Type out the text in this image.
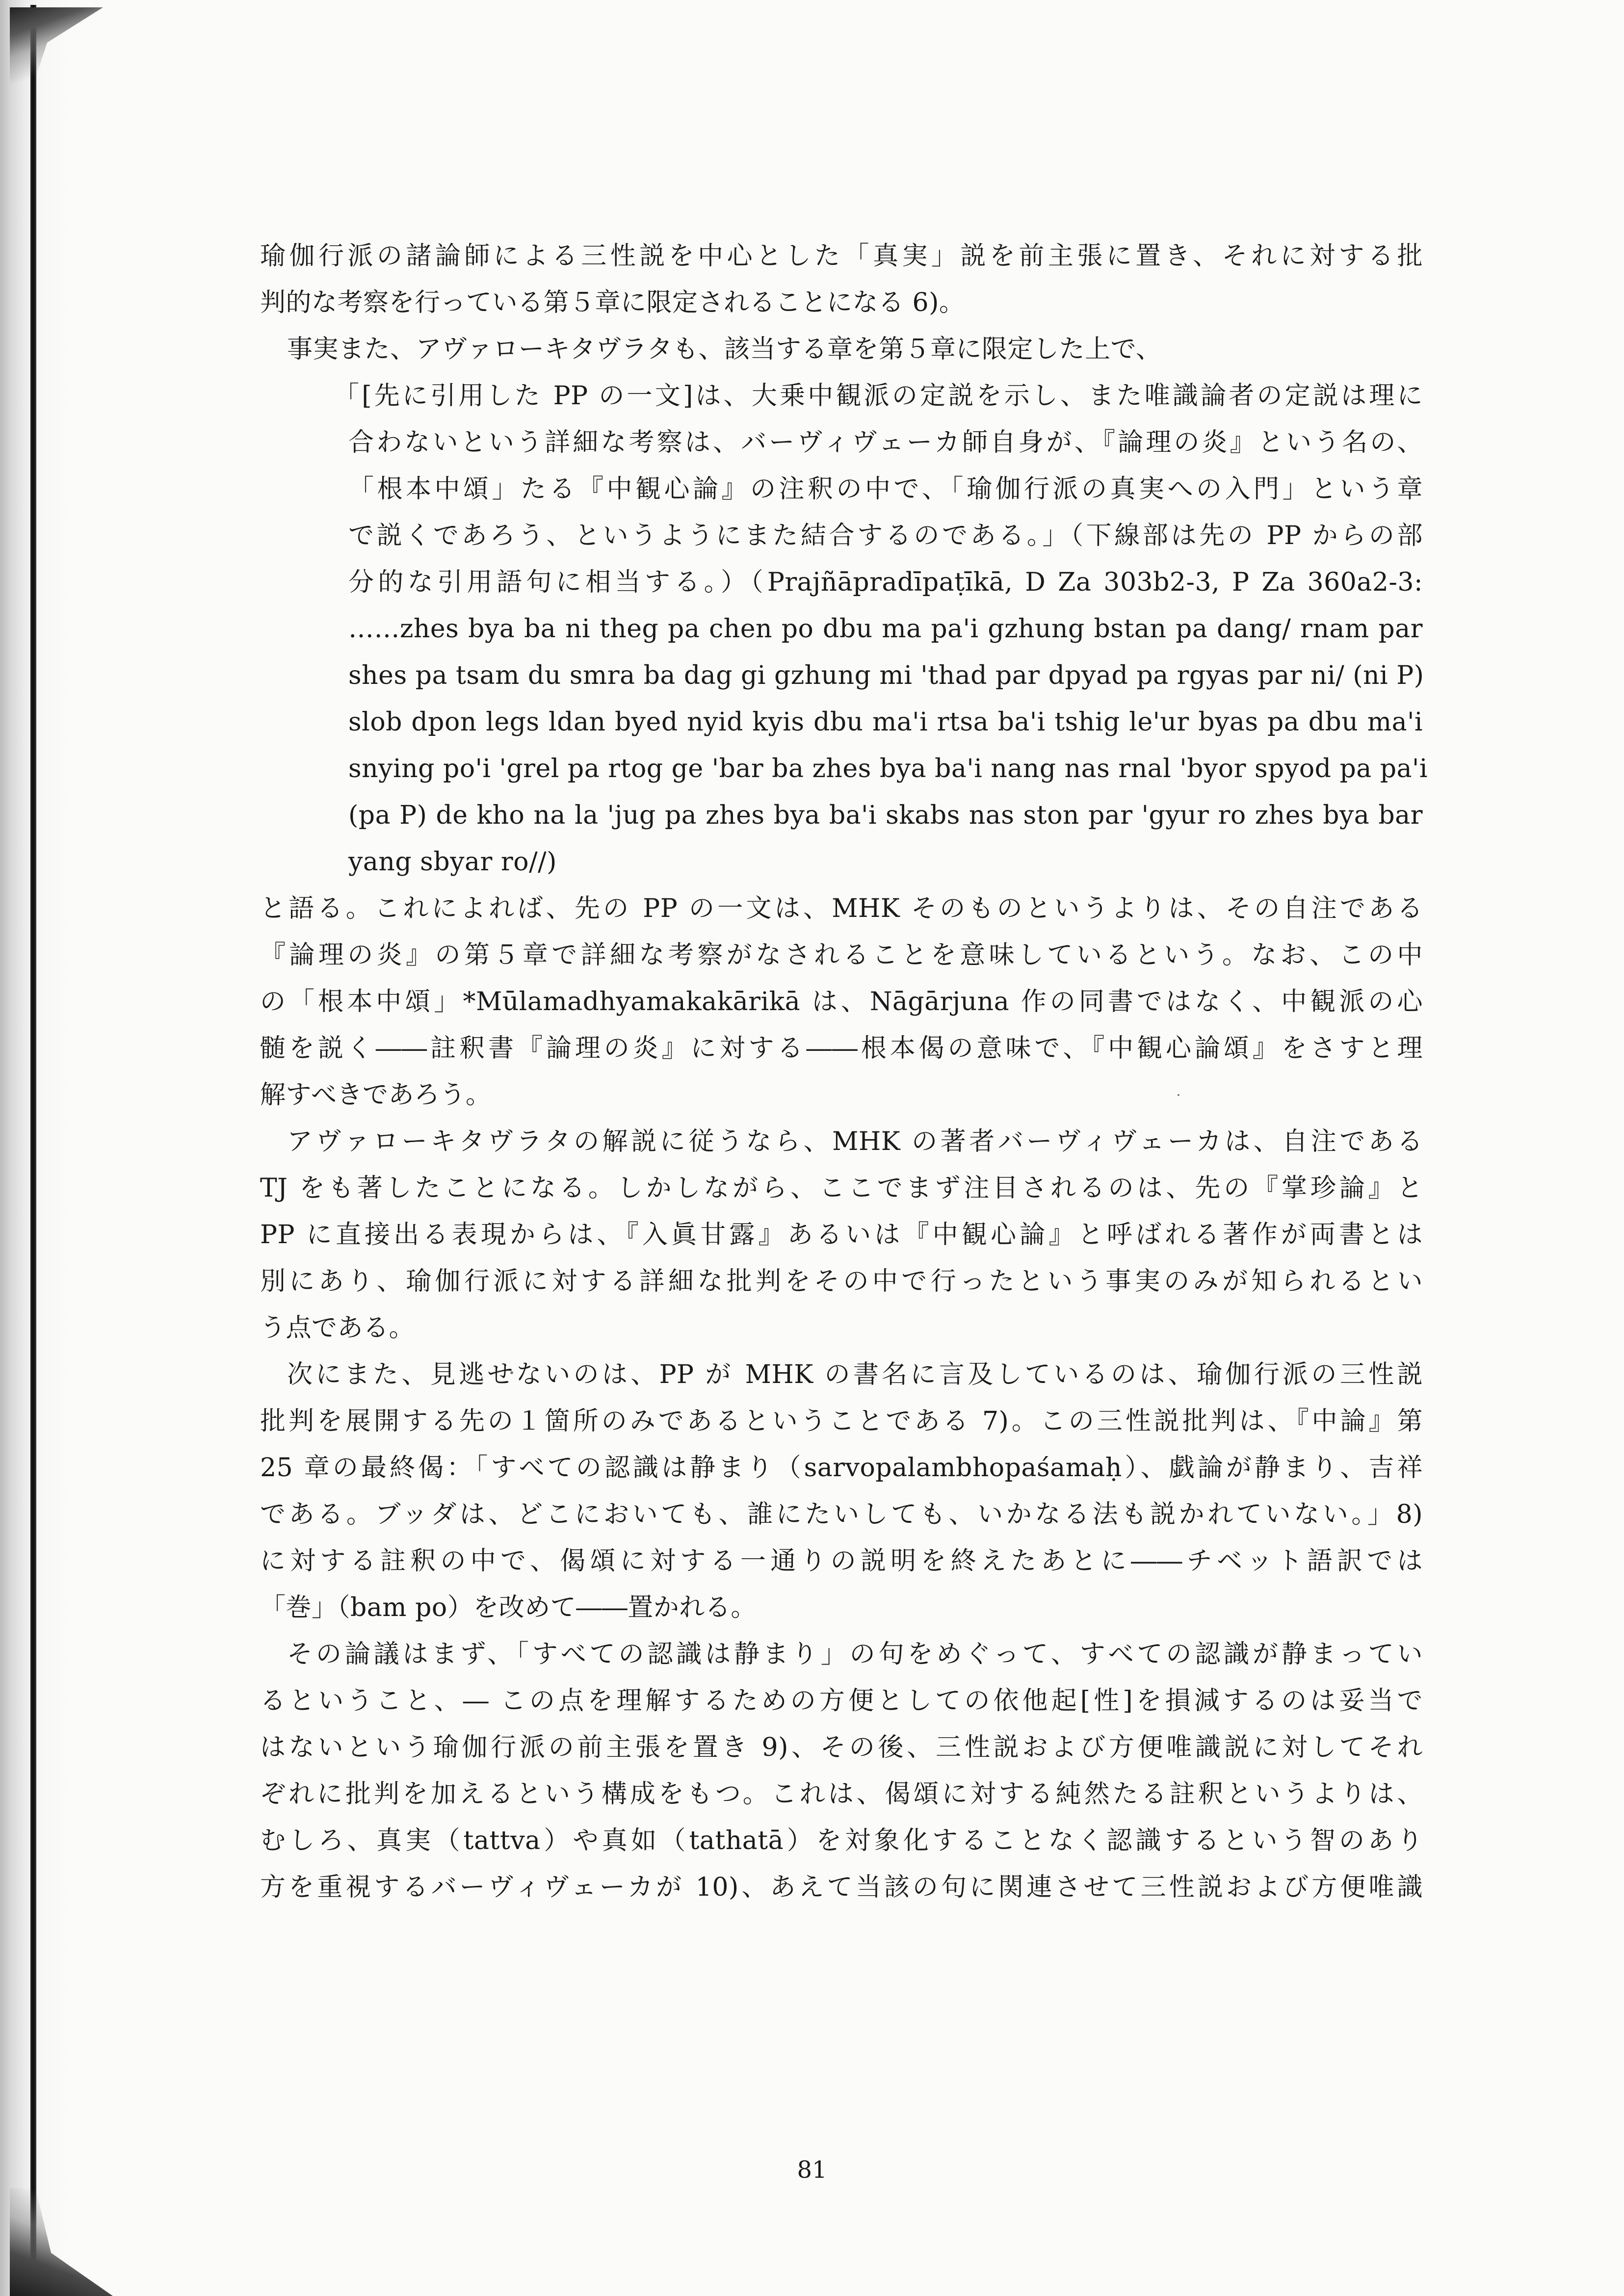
瑜伽行派の諸論師による三性説を中心とした「真実」説を前主張に置き、それに対する批
判的な考察を行っている第５章に限定されることになる 6)。
事実また、アヴァローキタヴラタも、該当する章を第５章に限定した上で、
「[先に引用した PP の一文]は、大乗中観派の定説を示し、また唯識論者の定説は理に
合わないという詳細な考察は、バーヴィヴェーカ師自身が、『論理の炎』という名の、
「根本中頌」たる『中観心論』の注釈の中で、「瑜伽行派の真実への入門」という章
で説くであろう、というようにまた結合するのである。」（下線部は先の PP からの部
分的な引用語句に相当する。）（Prajñāpradīpaṭīkā, D Za 303b2-3, P Za 360a2-3:
……zhes bya ba ni theg pa chen po dbu ma pa'i gzhung bstan pa dang/ rnam par
shes pa tsam du smra ba dag gi gzhung mi 'thad par dpyad pa rgyas par ni/ (ni P)
slob dpon legs ldan byed nyid kyis dbu ma'i rtsa ba'i tshig le'ur byas pa dbu ma'i
snying po'i 'grel pa rtog ge 'bar ba zhes bya ba'i nang nas rnal 'byor spyod pa pa'i
(pa P) de kho na la 'jug pa zhes bya ba'i skabs nas ston par 'gyur ro zhes bya bar
yang sbyar ro//)
と語る。これによれば、先の PP の一文は、MHK そのものというよりは、その自注である
『論理の炎』の第５章で詳細な考察がなされることを意味しているという。なお、この中
の「根本中頌」*Mūlamadhyamakakārikā は、Nāgārjuna 作の同書ではなく、中観派の心
髄を説く――註釈書『論理の炎』に対する――根本偈の意味で、『中観心論頌』をさすと理
解すべきであろう。
アヴァローキタヴラタの解説に従うなら、MHK の著者バーヴィヴェーカは、自注である
TJ をも著したことになる。しかしながら、ここでまず注目されるのは、先の『掌珍論』と
PP に直接出る表現からは、『入眞甘露』あるいは『中観心論』と呼ばれる著作が両書とは
別にあり、瑜伽行派に対する詳細な批判をその中で行ったという事実のみが知られるとい
う点である。
次にまた、見逃せないのは、PP が MHK の書名に言及しているのは、瑜伽行派の三性説
批判を展開する先の１箇所のみであるということである 7)。この三性説批判は、『中論』第
25 章の最終偈：「すべての認識は静まり（sarvopalambhopaśamaḥ）、戯論が静まり、吉祥
である。ブッダは、どこにおいても、誰にたいしても、いかなる法も説かれていない。」8)
に対する註釈の中で、偈頌に対する一通りの説明を終えたあとに――チベット語訳では
「巻」（bam po）を改めて――置かれる。
その論議はまず、「すべての認識は静まり」の句をめぐって、すべての認識が静まってい
るということ、― この点を理解するための方便としての依他起[性]を損減するのは妥当で
はないという瑜伽行派の前主張を置き 9)、その後、三性説および方便唯識説に対してそれ
ぞれに批判を加えるという構成をもつ。これは、偈頌に対する純然たる註釈というよりは、
むしろ、真実（tattva）や真如（tathatā）を対象化することなく認識するという智のあり
方を重視するバーヴィヴェーカが 10)、あえて当該の句に関連させて三性説および方便唯識
81
